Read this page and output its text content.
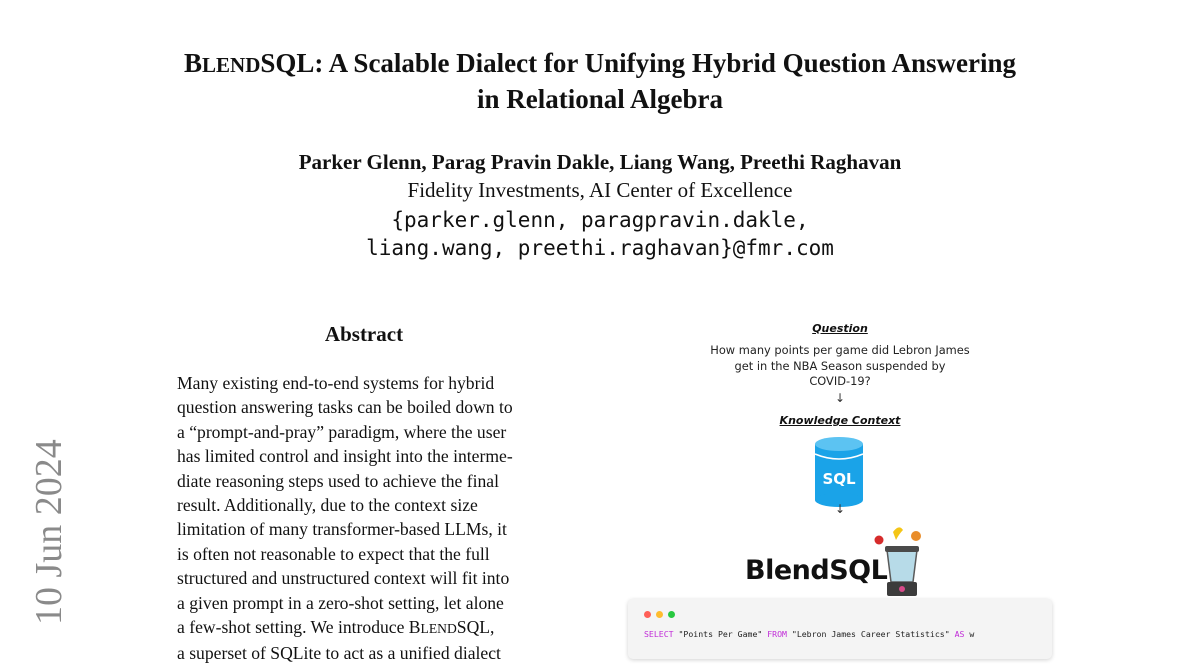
BLENDSQL: A Scalable Dialect for Unifying Hybrid Question Answering
in Relational Algebra
Parker Glenn, Parag Pravin Dakle, Liang Wang, Preethi Raghavan
Fidelity Investments, AI Center of Excellence
{parker.glenn, paragpravin.dakle,
liang.wang, preethi.raghavan}@fmr.com
10 Jun 2024
Abstract
Many existing end-to-end systems for hybrid
question answering tasks can be boiled down to
a “prompt-and-pray” paradigm, where the user
has limited control and insight into the interme-
diate reasoning steps used to achieve the final
result. Additionally, due to the context size
limitation of many transformer-based LLMs, it
is often not reasonable to expect that the full
structured and unstructured context will fit into
a given prompt in a zero-shot setting, let alone
a few-shot setting. We introduce BLENDSQL,
a superset of SQLite to act as a unified dialect
Question
How many points per game did Lebron James
get in the NBA Season suspended by
COVID-19?
↓
Knowledge Context
SQL
↓
BlendSQL
SELECT "Points Per Game" FROM "Lebron James Career Statistics" AS w
